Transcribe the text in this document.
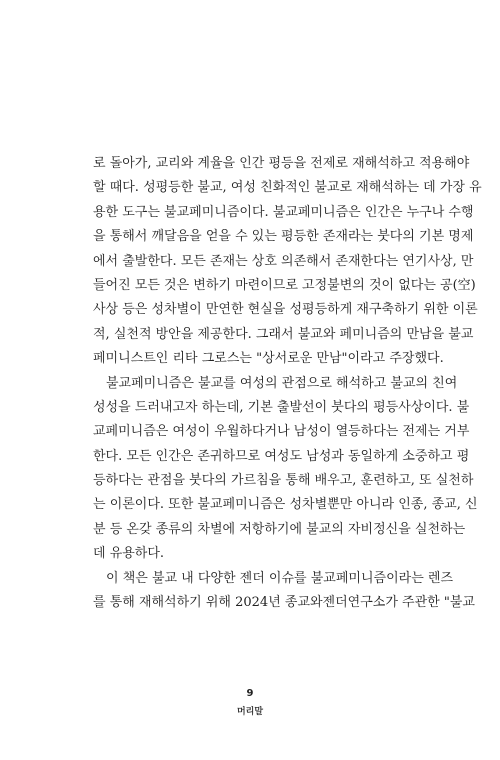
로 돌아가, 교리와 계율을 인간 평등을 전제로 재해석하고 적용해야
할 때다. 성평등한 불교, 여성 친화적인 불교로 재해석하는 데 가장 유
용한 도구는 불교페미니즘이다. 불교페미니즘은 인간은 누구나 수행
을 통해서 깨달음을 얻을 수 있는 평등한 존재라는 붓다의 기본 명제
에서 출발한다. 모든 존재는 상호 의존해서 존재한다는 연기사상, 만
들어진 모든 것은 변하기 마련이므로 고정불변의 것이 없다는 공(空)
사상 등은 성차별이 만연한 현실을 성평등하게 재구축하기 위한 이론
적, 실천적 방안을 제공한다. 그래서 불교와 페미니즘의 만남을 불교
페미니스트인 리타 그로스는 "상서로운 만남"이라고 주장했다.
불교페미니즘은 불교를 여성의 관점으로 해석하고 불교의 친여
성성을 드러내고자 하는데, 기본 출발선이 붓다의 평등사상이다. 불
교페미니즘은 여성이 우월하다거나 남성이 열등하다는 전제는 거부
한다. 모든 인간은 존귀하므로 여성도 남성과 동일하게 소중하고 평
등하다는 관점을 붓다의 가르침을 통해 배우고, 훈련하고, 또 실천하
는 이론이다. 또한 불교페미니즘은 성차별뿐만 아니라 인종, 종교, 신
분 등 온갖 종류의 차별에 저항하기에 불교의 자비정신을 실천하는
데 유용하다.
이 책은 불교 내 다양한 젠더 이슈를 불교페미니즘이라는 렌즈
를 통해 재해석하기 위해 2024년 종교와젠더연구소가 주관한 "불교
9
머리말
